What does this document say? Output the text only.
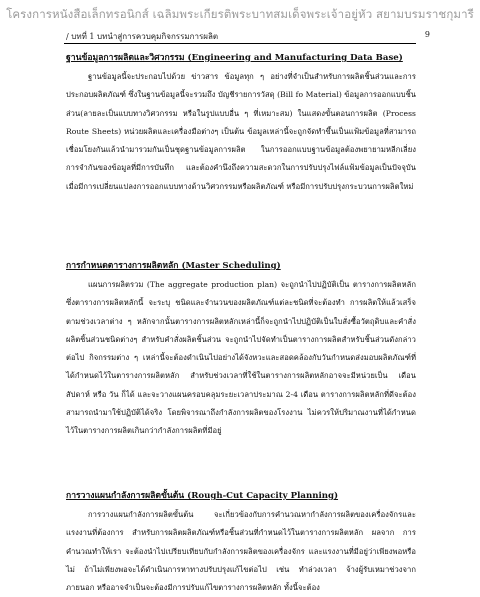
โครงการหนังสือเล็กทรอนิกส์ เฉลิมพระเกียรติพระบาทสมเด็จพระเจ้าอยู่หัว สยามบรมราชกุมารี
/ บทที่ 1 บทนำสู่การควบคุมกิจกรรมการผลิต	9
ฐานข้อมูลการผลิตและวิศวกรรม (Engineering and Manufacturing Data Base)

ฐานข้อมูลนี้จะประกอบไปด้วย ข่าวสาร ข้อมูลทุก ๆ อย่างที่จำเป็นสำหรับการผลิตชิ้นส่วนและการประกอบผลิตภัณฑ์ ซึ่งในฐานข้อมูลนี้จะรวมถึง บัญชีรายการวัสดุ (Bill fo Material) ข้อมูลการออกแบบชิ้นส่วน(ลายละเป็นแบบทางวิศวกรรม หรือในรูปแบบอื่น ๆ ที่เหมาะสม) ในแสดงขั้นตอนการผลิต (Process Route Sheets) หน่วยผลิตและเครื่องมือต่างๆ เป็นต้น ข้อมูลเหล่านี้จะถูกจัดทำขึ้นเป็นแฟ้มข้อมูลที่สามารถเชื่อมโยงกันแล้วนำมารวมกันเป็นชุดฐานข้อมูลการผลิต ในการออกแบบฐานข้อมูลต้องพยายามหลีกเลี่ยงการจำกันของข้อมูลที่มีการบันทึก และต้องคำนึงถึงความสะดวกในการปรับปรุงไฟล์แฟ้มข้อมูลเป็นปัจจุบัน เมื่อมีการเปลี่ยนแปลงการออกแบบทางด้านวิศวกรรมหรือผลิตภัณฑ์ หรือมีการปรับปรุงกระบวนการผลิตใหม่

การกำหนดตารางการผลิตหลัก (Master Scheduling)

แผนการผลิตรวม (The aggregate production plan) จะถูกนำไปปฏิบัติเป็น ตารางการผลิตหลัก ซึ่งตารางการผลิตหลักนี้ จะระบุ ชนิดและจำนวนของผลิตภัณฑ์แต่ละชนิดที่จะต้องทำ การผลิตให้แล้วเสร็จตามช่วงเวลาต่าง ๆ หลักจากนั้นตารางการผลิตหลักเหล่านี้ก็จะถูกนำไปปฏิบัติเป็นใบสั่งซื้อวัตถุดิบและคำสั่งผลิตชิ้นส่วนชนิดต่างๆ สำหรับคำสั่งผลิตชิ้นส่วน จะถูกนำไปจัดทำเป็นตารางการผลิตสำหรับชิ้นส่วนดังกล่าวต่อไป กิจกรรมต่าง ๆ เหล่านี้จะต้องดำเนินไปอย่างได้จังหวะและสอดคล้องกับวันกำหนดส่งมอบผลิตภัณฑ์ที่ได้กำหนดไว้ในตารางการผลิตหลัก สำหรับช่วงเวลาที่ใช้ในตารางการผลิตหลักอาจจะมีหน่วยเป็น เดือน สัปดาห์ หรือ วัน ก็ได้ และจะวางแผนครอบคลุมระยะเวลาประมาณ 2-4 เดือน ตารางการผลิตหลักที่ดีจะต้องสามารถนำมาใช้ปฏิบัติได้จริง โดยพิจารณาถึงกำลังการผลิตของโรงงาน ไม่ควรให้ปริมาณงานที่ได้กำหนดไว้ในตารางการผลิตเกินกว่ากำลังการผลิตที่มีอยู่

การวางแผนกำลังการผลิตขั้นต้น (Rough-Cut Capacity Planning)

การวางแผนกำลังการผลิตขั้นต้น จะเกี่ยวข้องกับการคำนวณหากำลังการผลิตของเครื่องจักรและแรงงานที่ต้องการ สำหรับการผลิตผลิตภัณฑ์หรือชิ้นส่วนที่กำหนดไว้ในตารางการผลิตหลัก ผลจาก การคำนวณทำให้เรา จะต้องนำไปเปรียบเทียบกับกำลังการผลิตของเครื่องจักร และแรงงานที่มีอยู่ว่าเพียงพอหรือไม่ ถ้าไม่เพียงพอจะได้ดำเนินการหาทางปรับปรุงแก้ไขต่อไป เช่น ทำล่วงเวลา จ้างผู้รับเหมาช่วงจากภายนอก หรืออาจจำเป็นจะต้องมีการปรับแก้ไขตารางการผลิตหลัก ทั้งนี้จะต้อง
